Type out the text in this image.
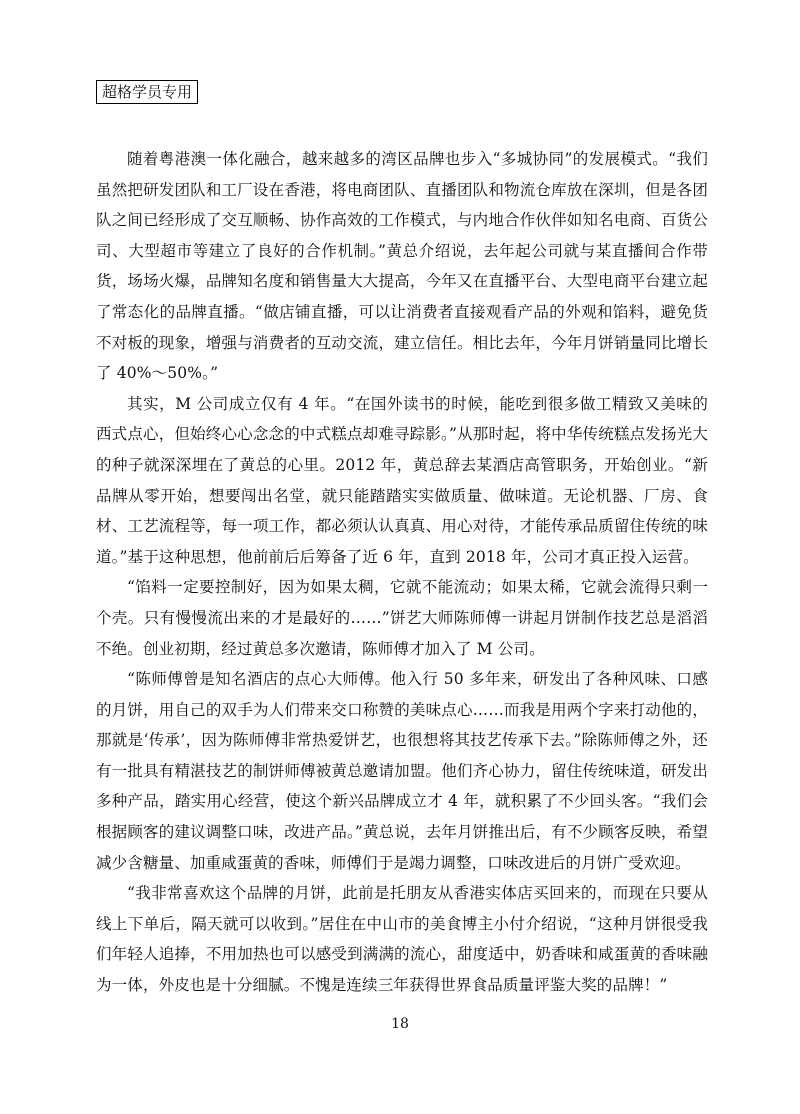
超格学员专用

随着粤港澳一体化融合，越来越多的湾区品牌也步入“多城协同”的发展模式。“我们虽然把研发团队和工厂设在香港，将电商团队、直播团队和物流仓库放在深圳，但是各团队之间已经形成了交互顺畅、协作高效的工作模式，与内地合作伙伴如知名电商、百货公司、大型超市等建立了良好的合作机制。”黄总介绍说，去年起公司就与某直播间合作带货，场场火爆，品牌知名度和销售量大大提高，今年又在直播平台、大型电商平台建立起了常态化的品牌直播。“做店铺直播，可以让消费者直接观看产品的外观和馅料，避免货不对板的现象，增强与消费者的互动交流，建立信任。相比去年，今年月饼销量同比增长了 40%～50%。”

其实，M 公司成立仅有 4 年。“在国外读书的时候，能吃到很多做工精致又美味的西式点心，但始终心心念念的中式糕点却难寻踪影。”从那时起，将中华传统糕点发扬光大的种子就深深埋在了黄总的心里。2012 年，黄总辞去某酒店高管职务，开始创业。“新品牌从零开始，想要闯出名堂，就只能踏踏实实做质量、做味道。无论机器、厂房、食材、工艺流程等，每一项工作，都必须认认真真、用心对待，才能传承品质留住传统的味道。”基于这种思想，他前前后后筹备了近 6 年，直到 2018 年，公司才真正投入运营。

“馅料一定要控制好，因为如果太稠，它就不能流动；如果太稀，它就会流得只剩一个壳。只有慢慢流出来的才是最好的……”饼艺大师陈师傅一讲起月饼制作技艺总是滔滔不绝。创业初期，经过黄总多次邀请，陈师傅才加入了 M 公司。

“陈师傅曾是知名酒店的点心大师傅。他入行 50 多年来，研发出了各种风味、口感的月饼，用自己的双手为人们带来交口称赞的美味点心……而我是用两个字来打动他的，那就是‘传承’，因为陈师傅非常热爱饼艺，也很想将其技艺传承下去。”除陈师傅之外，还有一批具有精湛技艺的制饼师傅被黄总邀请加盟。他们齐心协力，留住传统味道，研发出多种产品，踏实用心经营，使这个新兴品牌成立才 4 年，就积累了不少回头客。“我们会根据顾客的建议调整口味，改进产品。”黄总说，去年月饼推出后，有不少顾客反映，希望减少含糖量、加重咸蛋黄的香味，师傅们于是竭力调整，口味改进后的月饼广受欢迎。

“我非常喜欢这个品牌的月饼，此前是托朋友从香港实体店买回来的，而现在只要从线上下单后，隔天就可以收到。”居住在中山市的美食博主小付介绍说，“这种月饼很受我们年轻人追捧，不用加热也可以感受到满满的流心，甜度适中，奶香味和咸蛋黄的香味融为一体，外皮也是十分细腻。不愧是连续三年获得世界食品质量评鉴大奖的品牌！”

18
